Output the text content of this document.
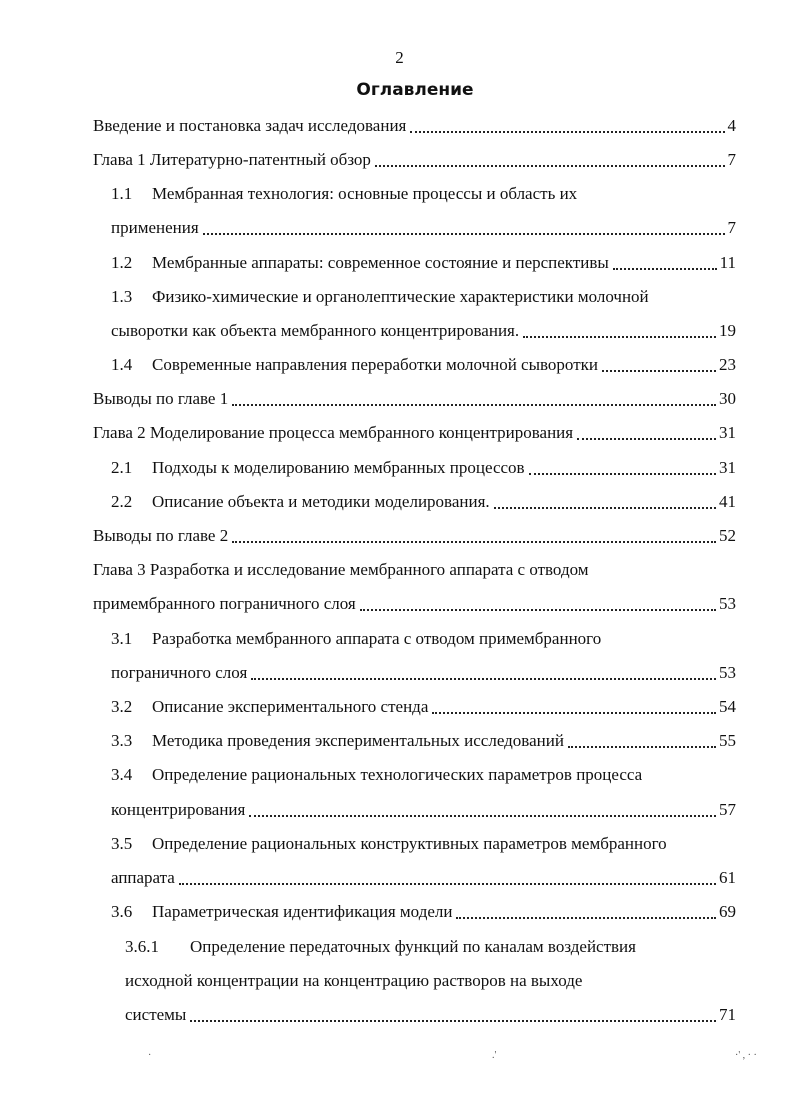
2
Оглавление
Введение и постановка задач исследования	4
Глава 1 Литературно-патентный обзор	7
1.1 Мембранная технология: основные процессы и область их
применения	7
1.2 Мембранные аппараты: современное состояние и перспективы	11
1.3 Физико-химические и органолептические характеристики молочной
сыворотки как объекта мембранного концентрирования.	19
1.4 Современные направления переработки молочной сыворотки	23
Выводы по главе 1	30
Глава 2 Моделирование процесса мембранного концентрирования	31
2.1 Подходы к моделированию мембранных процессов	31
2.2 Описание объекта и методики моделирования.	41
Выводы по главе 2	52
Глава 3 Разработка и исследование мембранного аппарата с отводом
примембранного пограничного слоя	53
3.1 Разработка мембранного аппарата с отводом примембранного
пограничного слоя	53
3.2 Описание экспериментального стенда	54
3.3 Методика проведения экспериментальных исследований	55
3.4 Определение рациональных технологических параметров процесса
концентрирования	57
3.5 Определение рациональных конструктивных параметров мембранного
аппарата	61
3.6 Параметрическая идентификация модели	69
3.6.1 Определение передаточных функций по каналам воздействия
исходной концентрации на концентрацию растворов на выходе
системы	71
·	.'	·' , · ·
